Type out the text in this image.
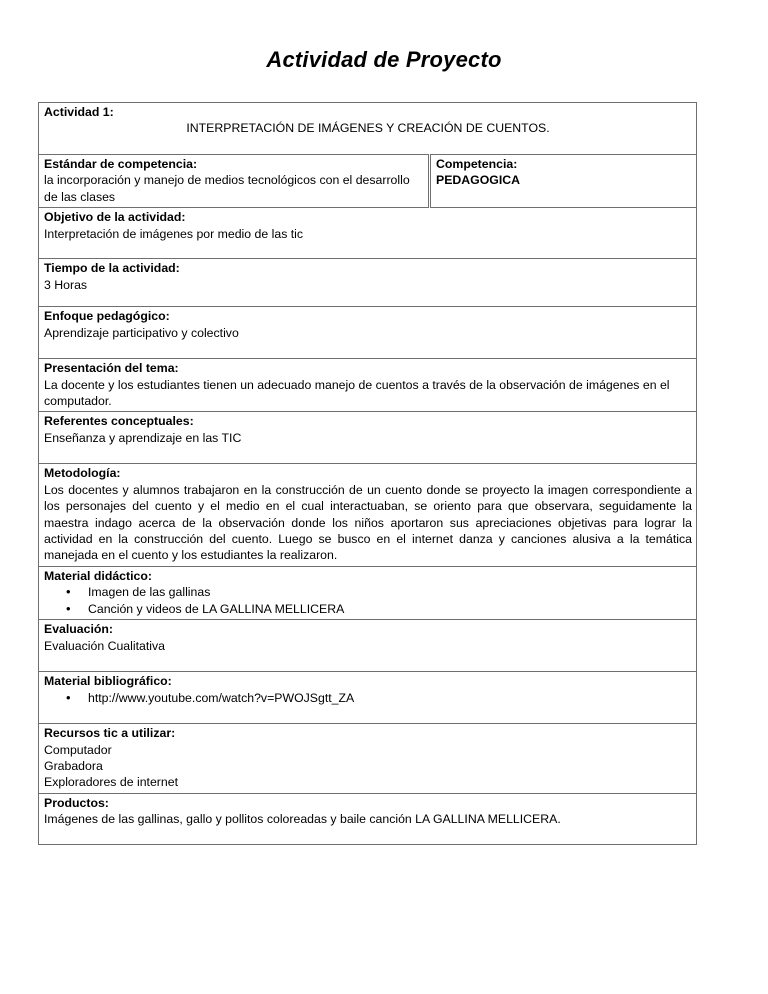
Actividad de Proyecto
Actividad 1:
INTERPRETACIÓN DE IMÁGENES Y CREACIÓN DE CUENTOS.

Estándar de competencia:
la incorporación y manejo de medios tecnológicos con el desarrollo de las clases

Competencia:
PEDAGOGICA

Objetivo de la actividad:
Interpretación de imágenes por medio de las tic

Tiempo de la actividad:
3 Horas

Enfoque pedagógico:
Aprendizaje participativo y colectivo

Presentación del tema:
La docente y los estudiantes tienen un adecuado manejo de cuentos a través de la observación de imágenes en el computador.

Referentes conceptuales:
Enseñanza y aprendizaje en las TIC

Metodología:
Los docentes y alumnos trabajaron en la construcción de un cuento donde se proyecto la imagen correspondiente a los personajes del cuento y el medio en el cual interactuaban, se oriento para que observara, seguidamente la maestra indago acerca de la observación donde los niños aportaron sus apreciaciones objetivas para lograr la actividad en la construcción del cuento. Luego se busco en el internet danza y canciones alusiva a la temática manejada en el cuento y los estudiantes la realizaron.

Material didáctico:
• Imagen de las gallinas
• Canción y videos de LA GALLINA MELLICERA

Evaluación:
Evaluación Cualitativa

Material bibliográfico:
• http://www.youtube.com/watch?v=PWOJSgtt_ZA

Recursos tic a utilizar:
Computador
Grabadora
Exploradores de internet

Productos:
Imágenes de las gallinas, gallo y pollitos coloreadas y baile canción LA GALLINA MELLICERA.
